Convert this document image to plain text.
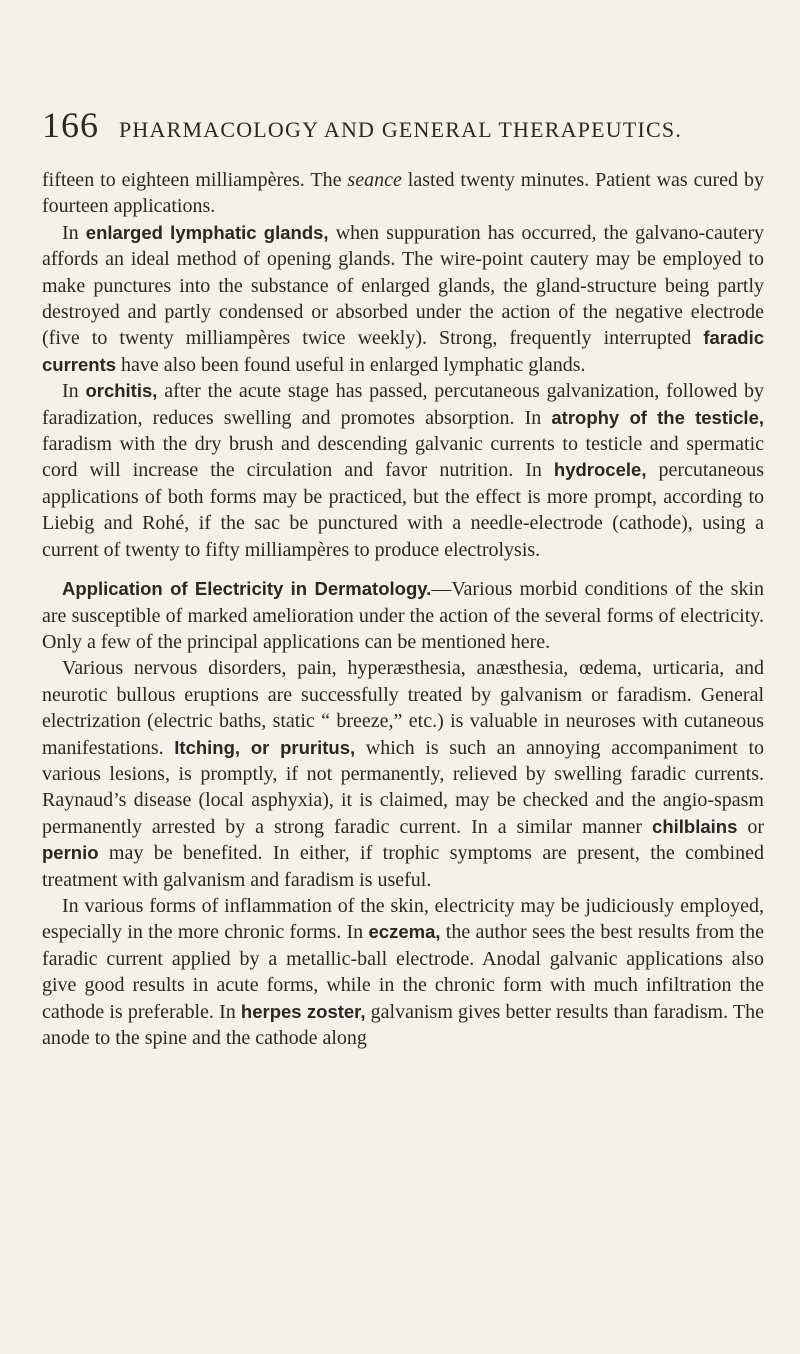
166 PHARMACOLOGY AND GENERAL THERAPEUTICS.

fifteen to eighteen milliampères. The seance lasted twenty minutes. Patient was cured by fourteen applications.

In enlarged lymphatic glands, when suppuration has occurred, the galvano-cautery affords an ideal method of opening glands. The wire-point cautery may be employed to make punctures into the substance of enlarged glands, the gland-structure being partly destroyed and partly condensed or absorbed under the action of the negative electrode (five to twenty milliampères twice weekly). Strong, frequently interrupted faradic currents have also been found useful in enlarged lymphatic glands.

In orchitis, after the acute stage has passed, percutaneous galvanization, followed by faradization, reduces swelling and promotes absorption. In atrophy of the testicle, faradism with the dry brush and descending galvanic currents to testicle and spermatic cord will increase the circulation and favor nutrition. In hydrocele, percutaneous applications of both forms may be practiced, but the effect is more prompt, according to Liebig and Rohé, if the sac be punctured with a needle-electrode (cathode), using a current of twenty to fifty milliampères to produce electrolysis.

Application of Electricity in Dermatology.—Various morbid conditions of the skin are susceptible of marked amelioration under the action of the several forms of electricity. Only a few of the principal applications can be mentioned here.

Various nervous disorders, pain, hyperæsthesia, anæsthesia, œdema, urticaria, and neurotic bullous eruptions are successfully treated by galvanism or faradism. General electrization (electric baths, static “ breeze,” etc.) is valuable in neuroses with cutaneous manifestations. Itching, or pruritus, which is such an annoying accompaniment to various lesions, is promptly, if not permanently, relieved by swelling faradic currents. Raynaud’s disease (local asphyxia), it is claimed, may be checked and the angio-spasm permanently arrested by a strong faradic current. In a similar manner chilblains or pernio may be benefited. In either, if trophic symptoms are present, the combined treatment with galvanism and faradism is useful.

In various forms of inflammation of the skin, electricity may be judiciously employed, especially in the more chronic forms. In eczema, the author sees the best results from the faradic current applied by a metallic-ball electrode. Anodal galvanic applications also give good results in acute forms, while in the chronic form with much infiltration the cathode is preferable. In herpes zoster, galvanism gives better results than faradism. The anode to the spine and the cathode along
